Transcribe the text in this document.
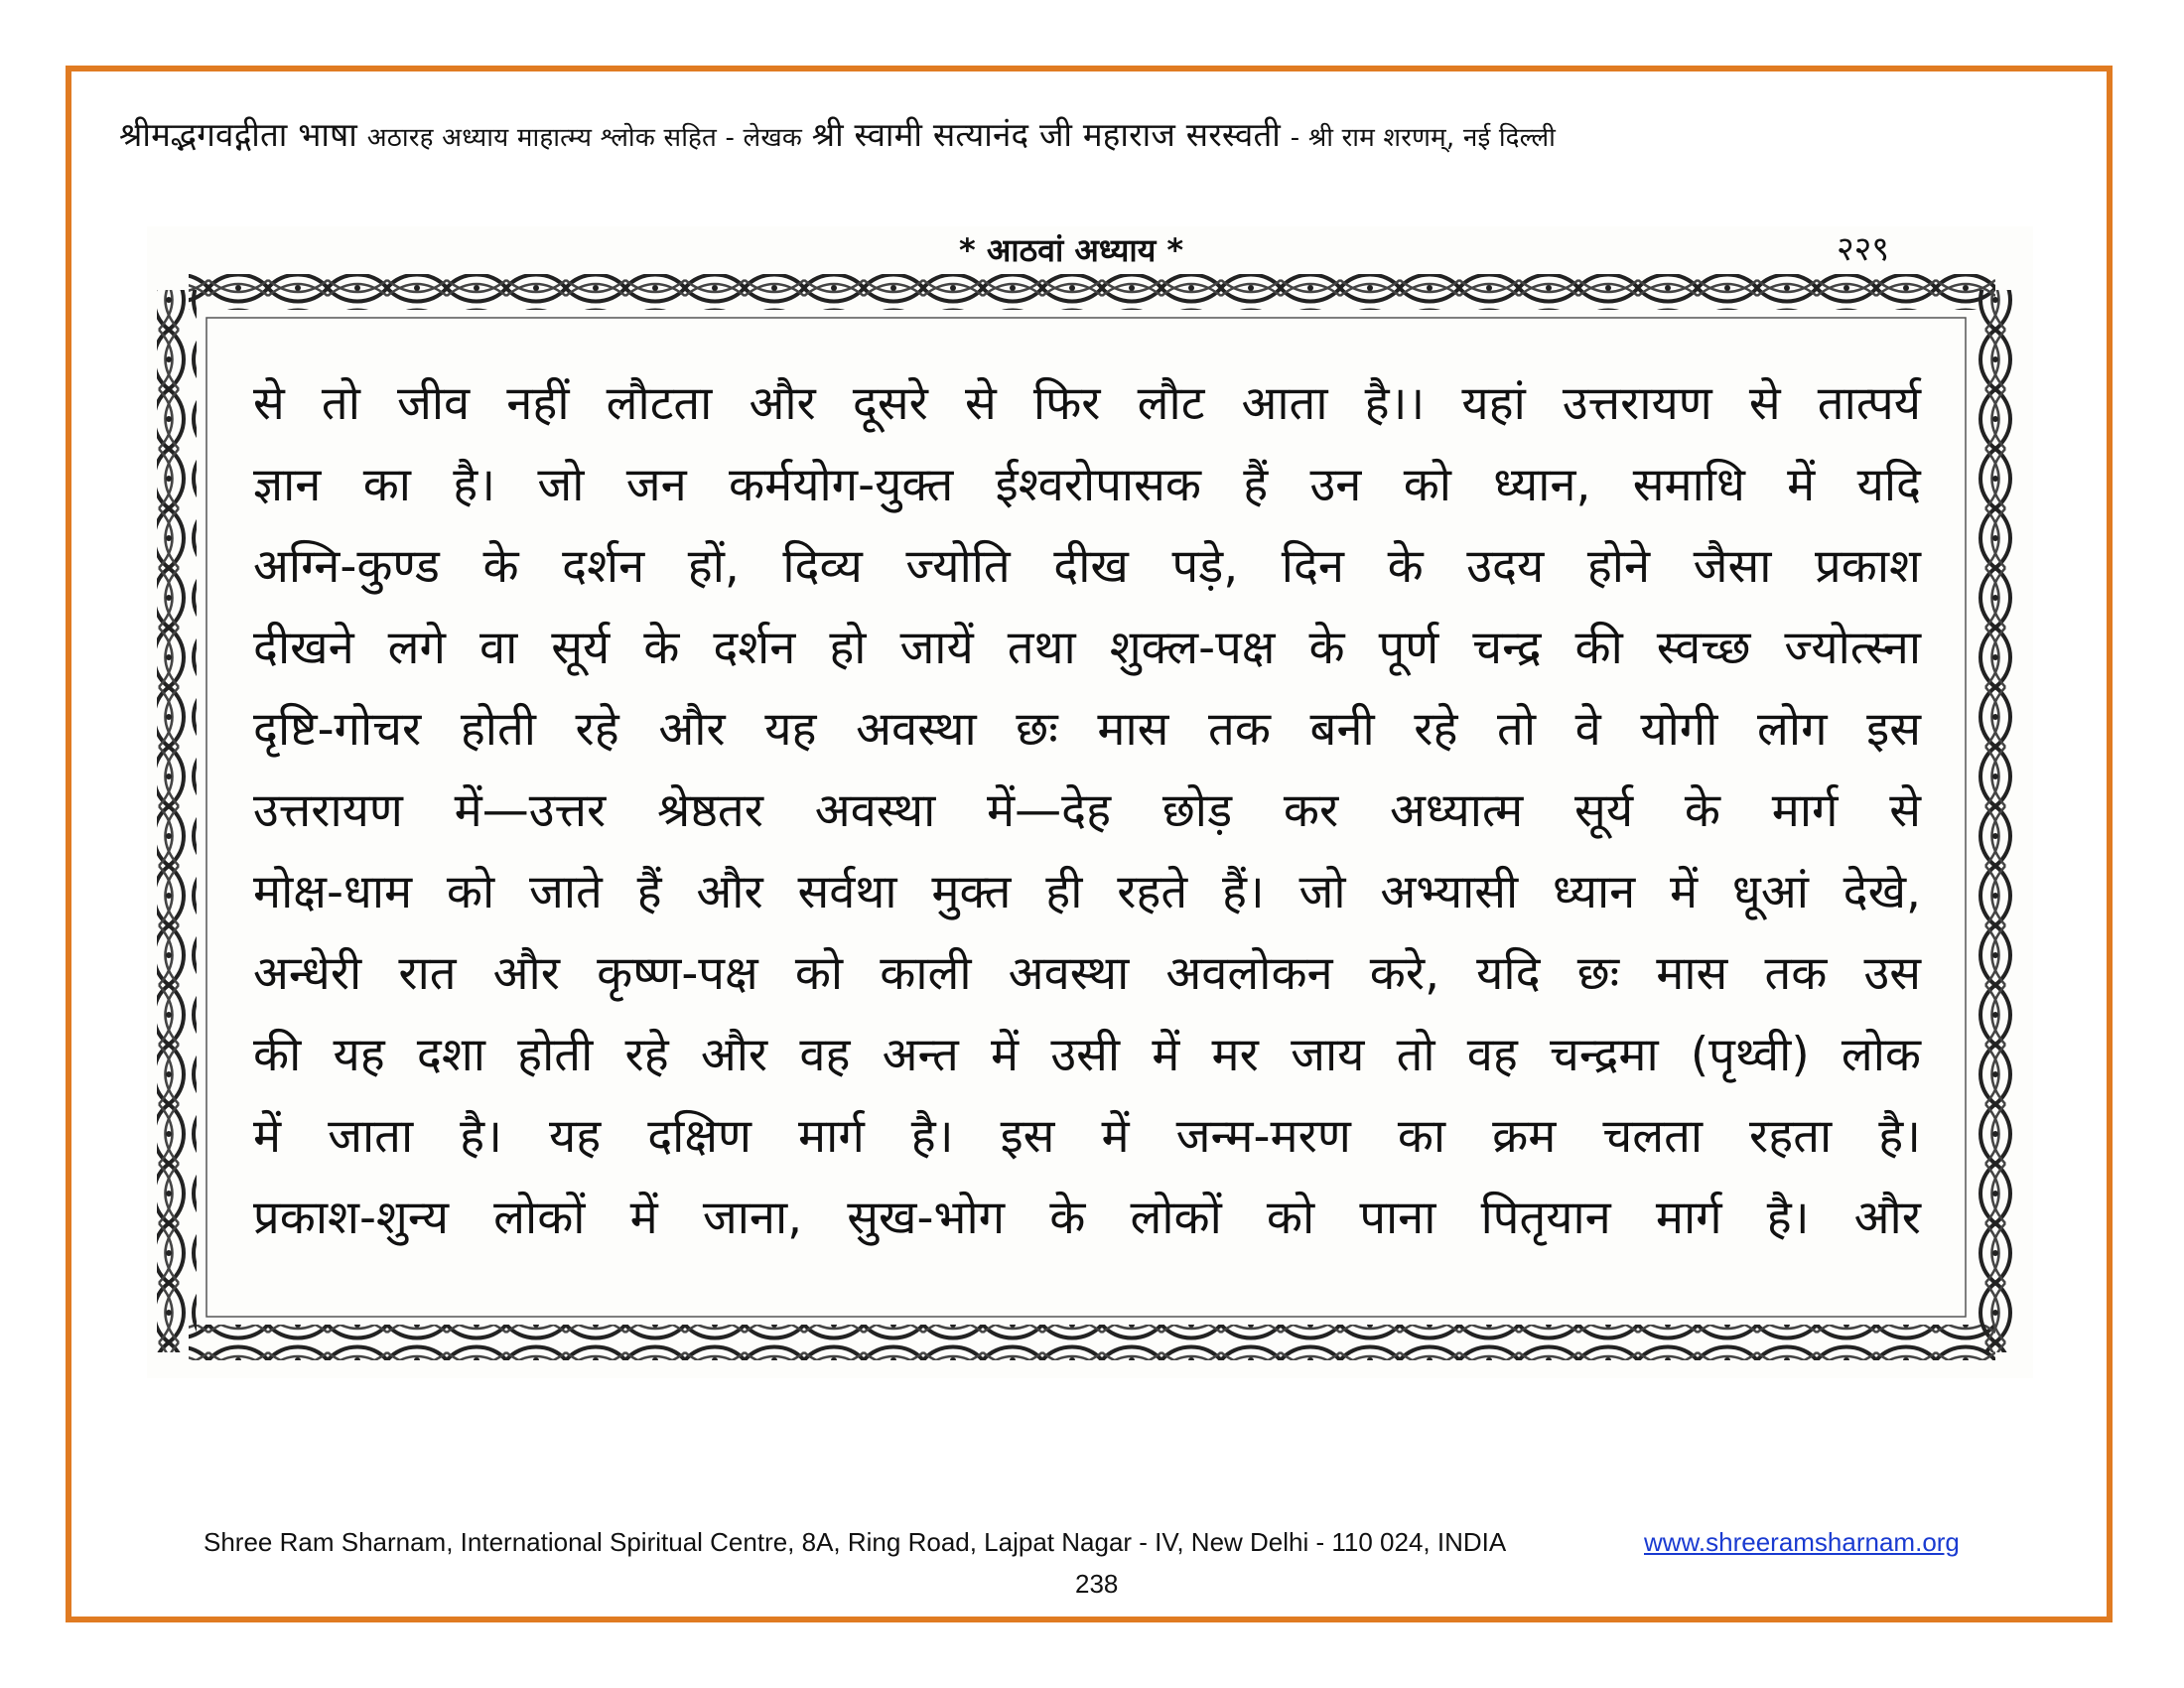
श्रीमद्भगवद्गीता भाषा अठारह अध्याय माहात्म्य श्लोक सहित - लेखक श्री स्वामी सत्यानंद जी महाराज सरस्वती - श्री राम शरणम्, नई दिल्ली
* आठवां अध्याय *	२२९
से तो जीव नहीं लौटता और दूसरे से फिर लौट आता है।। यहां उत्तरायण से तात्पर्य
ज्ञान का है। जो जन कर्मयोग-युक्त ईश्वरोपासक हैं उन को ध्यान, समाधि में यदि
अग्नि-कुण्ड के दर्शन हों, दिव्य ज्योति दीख पड़े, दिन के उदय होने जैसा प्रकाश
दीखने लगे वा सूर्य के दर्शन हो जायें तथा शुक्ल-पक्ष के पूर्ण चन्द्र की स्वच्छ ज्योत्स्ना
दृष्टि-गोचर होती रहे और यह अवस्था छः मास तक बनी रहे तो वे योगी लोग इस
उत्तरायण में—उत्तर श्रेष्ठतर अवस्था में—देह छोड़ कर अध्यात्म सूर्य के मार्ग से
मोक्ष-धाम को जाते हैं और सर्वथा मुक्त ही रहते हैं। जो अभ्यासी ध्यान में धूआं देखे,
अन्धेरी रात और कृष्ण-पक्ष को काली अवस्था अवलोकन करे, यदि छः मास तक उस
की यह दशा होती रहे और वह अन्त में उसी में मर जाय तो वह चन्द्रमा (पृथ्वी) लोक
में जाता है। यह दक्षिण मार्ग है। इस में जन्म-मरण का क्रम चलता रहता है।
प्रकाश-शुन्य लोकों में जाना, सुख-भोग के लोकों को पाना पितृयान मार्ग है। और
Shree Ram Sharnam, International Spiritual Centre, 8A, Ring Road, Lajpat Nagar - IV, New Delhi - 110 024, INDIA	www.shreeramsharnam.org
238
